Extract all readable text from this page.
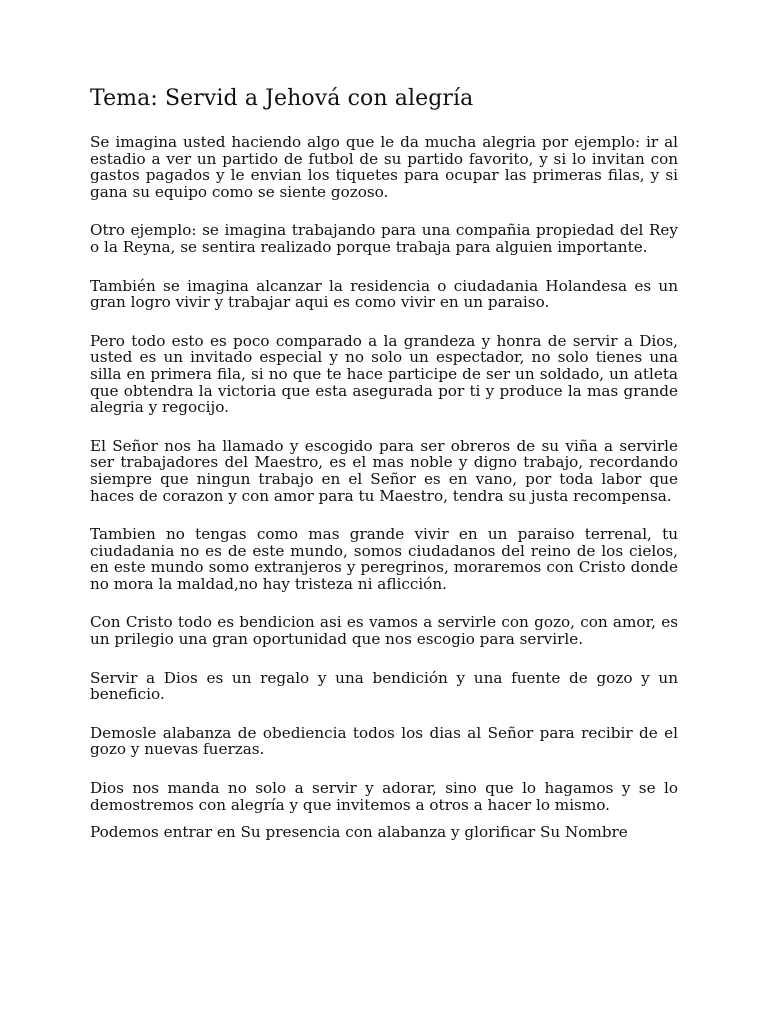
Tema: Servid a Jehová con alegría

Se imagina usted haciendo algo que le da mucha alegria por ejemplo: ir al estadio a ver un partido de futbol de su partido favorito, y si lo invitan con gastos pagados y le envian los tiquetes para ocupar las primeras filas, y si gana su equipo como se siente gozoso.

Otro ejemplo: se imagina trabajando para una compañia propiedad del Rey o la Reyna, se sentira realizado porque trabaja para alguien importante.

También se imagina alcanzar la residencia o ciudadania Holandesa es un gran logro vivir y trabajar aqui es como vivir en un paraiso.

Pero todo esto es poco comparado a la grandeza y honra de servir a Dios, usted es un invitado especial y no solo un espectador, no solo tienes una silla en primera fila, si no que te hace participe de ser un soldado, un atleta que obtendra la victoria que esta asegurada por ti y produce la mas grande alegria y regocijo.

El Señor nos ha llamado y escogido para ser obreros de su viña a servirle ser trabajadores del Maestro, es el mas noble y digno trabajo, recordando siempre que ningun trabajo en el Señor es en vano, por toda labor que haces de corazon y con amor para tu Maestro, tendra su justa recompensa.

Tambien no tengas como mas grande vivir en un paraiso terrenal, tu ciudadania no es de este mundo, somos ciudadanos del reino de los cielos, en este mundo somo extranjeros y peregrinos, moraremos con Cristo donde no mora la maldad,no hay tristeza ni aflicción.

Con Cristo todo es bendicion asi es vamos a servirle con gozo, con amor, es un prilegio una gran oportunidad que nos escogio para servirle.

Servir a Dios es un regalo y una bendición y una fuente de gozo y un beneficio.

Demosle alabanza de obediencia todos los dias al Señor para recibir de el gozo y nuevas fuerzas.

Dios nos manda no solo a servir y adorar, sino que lo hagamos y se lo demostremos con alegría y que invitemos a otros a hacer lo mismo.

Podemos entrar en Su presencia con alabanza y glorificar Su Nombre
